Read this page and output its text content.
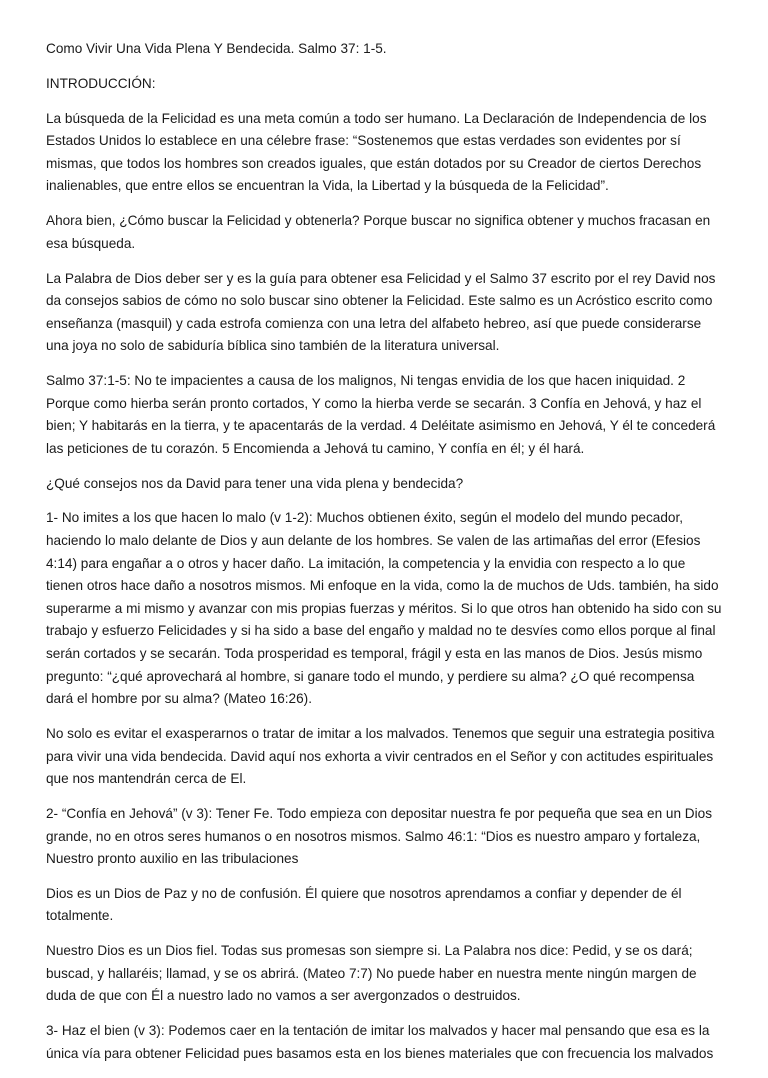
Como Vivir Una Vida Plena Y Bendecida. Salmo 37: 1-5.

INTRODUCCIÓN:

La búsqueda de la Felicidad es una meta común a todo ser humano. La Declaración de Independencia de los Estados Unidos lo establece en una célebre frase: “Sostenemos que estas verdades son evidentes por sí mismas, que todos los hombres son creados iguales, que están dotados por su Creador de ciertos Derechos inalienables, que entre ellos se encuentran la Vida, la Libertad y la búsqueda de la Felicidad”.

Ahora bien, ¿Cómo buscar la Felicidad y obtenerla? Porque buscar no significa obtener y muchos fracasan en esa búsqueda.

La Palabra de Dios deber ser y es la guía para obtener esa Felicidad y el Salmo 37 escrito por el rey David nos da consejos sabios de cómo no solo buscar sino obtener la Felicidad. Este salmo es un Acróstico escrito como enseñanza (masquil) y cada estrofa comienza con una letra del alfabeto hebreo, así que puede considerarse una joya no solo de sabiduría bíblica sino también de la literatura universal.

Salmo 37:1-5: No te impacientes a causa de los malignos, Ni tengas envidia de los que hacen iniquidad. 2 Porque como hierba serán pronto cortados, Y como la hierba verde se secarán. 3 Confía en Jehová, y haz el bien; Y habitarás en la tierra, y te apacentarás de la verdad. 4 Deléitate asimismo en Jehová, Y él te concederá las peticiones de tu corazón. 5 Encomienda a Jehová tu camino, Y confía en él; y él hará.

¿Qué consejos nos da David para tener una vida plena y bendecida?

1- No imites a los que hacen lo malo (v 1-2): Muchos obtienen éxito, según el modelo del mundo pecador, haciendo lo malo delante de Dios y aun delante de los hombres. Se valen de las artimañas del error (Efesios 4:14) para engañar a o otros y hacer daño. La imitación, la competencia y la envidia con respecto a lo que tienen otros hace daño a nosotros mismos. Mi enfoque en la vida, como la de muchos de Uds. también, ha sido superarme a mi mismo y avanzar con mis propias fuerzas y méritos. Si lo que otros han obtenido ha sido con su trabajo y esfuerzo Felicidades y si ha sido a base del engaño y maldad no te desvíes como ellos porque al final serán cortados y se secarán. Toda prosperidad es temporal, frágil y esta en las manos de Dios. Jesús mismo pregunto: “¿qué aprovechará al hombre, si ganare todo el mundo, y perdiere su alma? ¿O qué recompensa dará el hombre por su alma? (Mateo 16:26).

No solo es evitar el exasperarnos o tratar de imitar a los malvados. Tenemos que seguir una estrategia positiva para vivir una vida bendecida. David aquí nos exhorta a vivir centrados en el Señor y con actitudes espirituales que nos mantendrán cerca de El.

2- “Confía en Jehová” (v 3): Tener Fe. Todo empieza con depositar nuestra fe por pequeña que sea en un Dios grande, no en otros seres humanos o en nosotros mismos. Salmo 46:1: “Dios es nuestro amparo y fortaleza, Nuestro pronto auxilio en las tribulaciones

Dios es un Dios de Paz y no de confusión. Él quiere que nosotros aprendamos a confiar y depender de él totalmente.

Nuestro Dios es un Dios fiel. Todas sus promesas son siempre si. La Palabra nos dice: Pedid, y se os dará; buscad, y hallaréis; llamad, y se os abrirá. (Mateo 7:7) No puede haber en nuestra mente ningún margen de duda de que con Él a nuestro lado no vamos a ser avergonzados o destruidos.

3- Haz el bien (v 3): Podemos caer en la tentación de imitar los malvados y hacer mal pensando que esa es la única vía para obtener Felicidad pues basamos esta en los bienes materiales que con frecuencia los malvados
